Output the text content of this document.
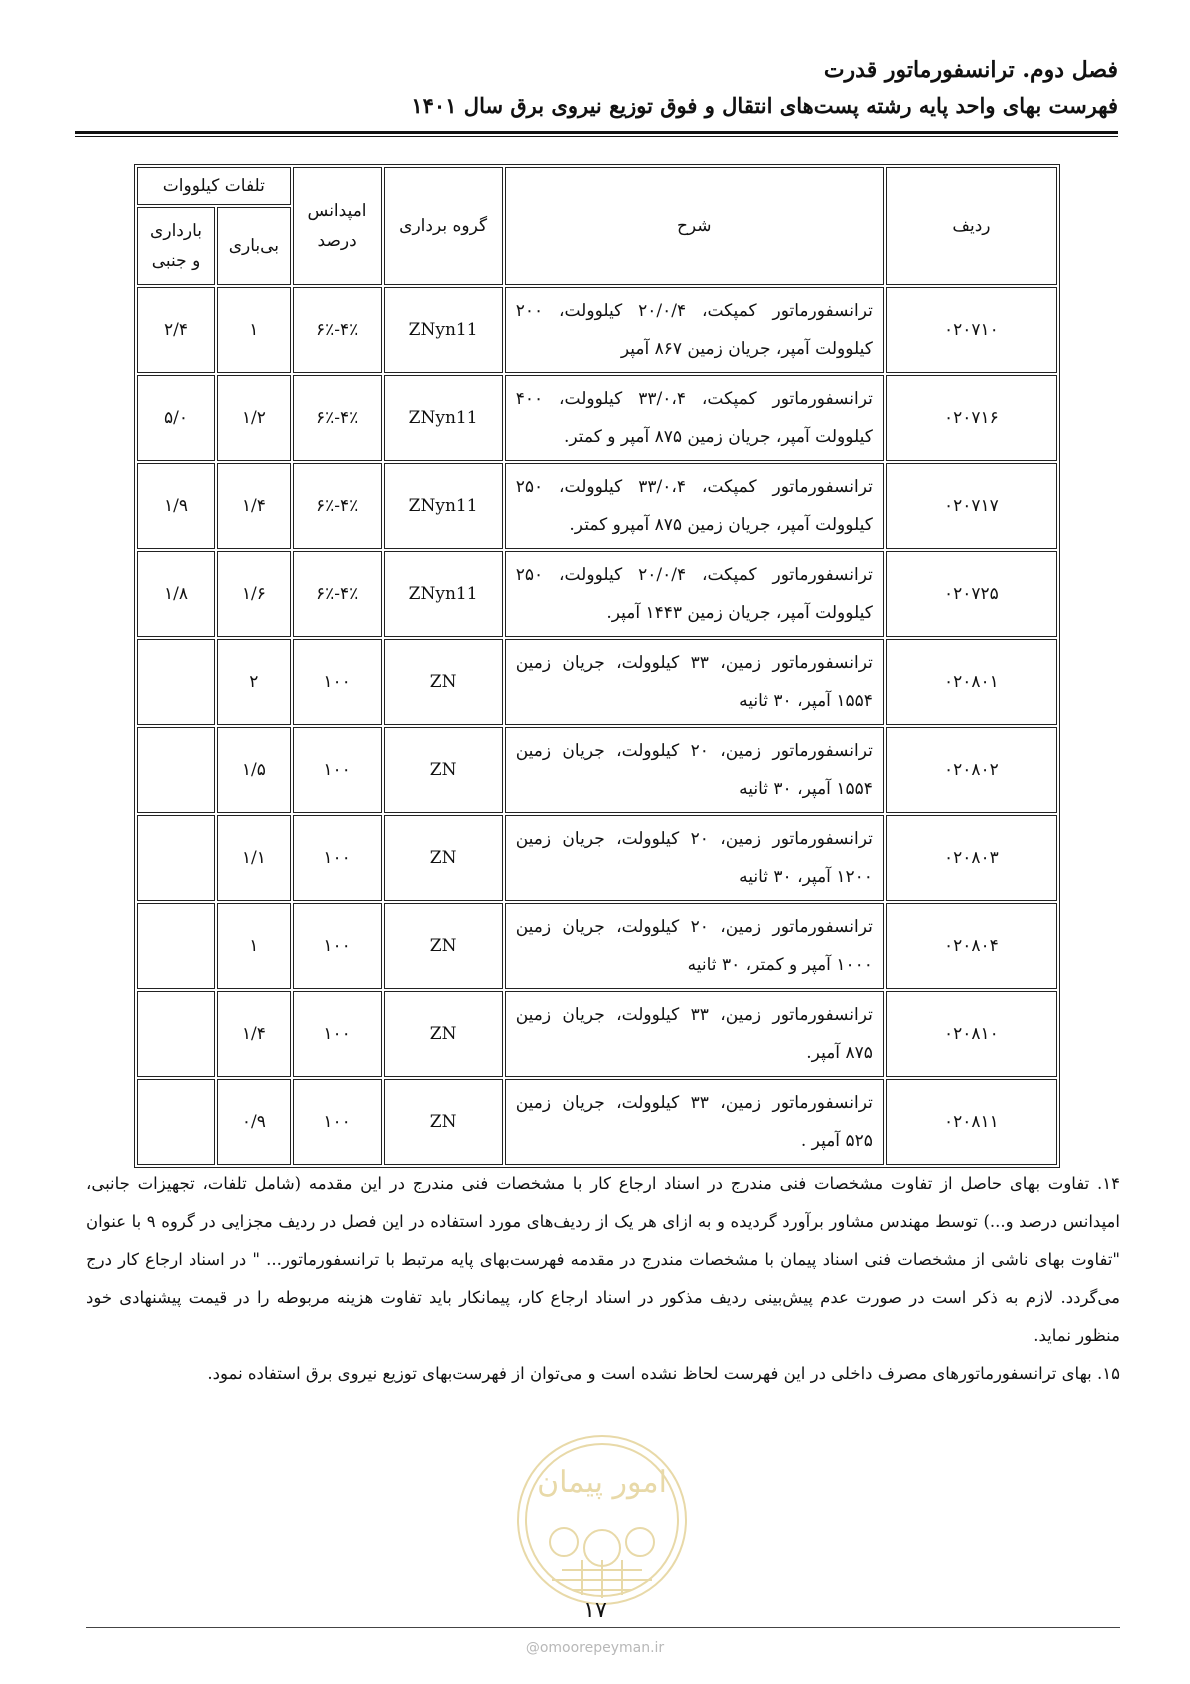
فصل دوم. ترانسفورماتور قدرت
فهرست بهای واحد پایه رشته پست‌های انتقال و فوق توزیع نیروی برق سال ۱۴۰۱
ردیف	شرح	گروه برداری	امپدانس درصد	تلفات کیلووات	
				بی‌باری	باردارى و جنبی
۰۲۰۷۱۰	ترانسفورماتور کمپکت، ۲۰/۰/۴ کیلوولت، ۲۰۰ کیلوولت آمپر، جریان زمین ۸۶۷ آمپر	ZNyn11	۴٪-۶٪	۱	۲/۴
۰۲۰۷۱۶	ترانسفورماتور کمپکت، ۳۳/۰،۴ کیلوولت، ۴۰۰ کیلوولت آمپر، جریان زمین ۸۷۵ آمپر و کمتر.	ZNyn11	۴٪-۶٪	۱/۲	۵/۰
۰۲۰۷۱۷	ترانسفورماتور کمپکت، ۳۳/۰،۴ کیلوولت، ۲۵۰ کیلوولت آمپر، جریان زمین ۸۷۵ آمپرو کمتر.	ZNyn11	۴٪-۶٪	۱/۴	۱/۹
۰۲۰۷۲۵	ترانسفورماتور کمپکت، ۲۰/۰/۴ کیلوولت، ۲۵۰ کیلوولت آمپر، جریان زمین ۱۴۴۳ آمپر.	ZNyn11	۴٪-۶٪	۱/۶	۱/۸
۰۲۰۸۰۱	ترانسفورماتور زمین، ۳۳ کیلوولت، جریان زمین ۱۵۵۴ آمپر، ۳۰ ثانیه	ZN	۱۰۰	۲	
۰۲۰۸۰۲	ترانسفورماتور زمین، ۲۰ کیلوولت، جریان زمین ۱۵۵۴ آمپر، ۳۰ ثانیه	ZN	۱۰۰	۱/۵	
۰۲۰۸۰۳	ترانسفورماتور زمین، ۲۰ کیلوولت، جریان زمین ۱۲۰۰ آمپر، ۳۰ ثانیه	ZN	۱۰۰	۱/۱	
۰۲۰۸۰۴	ترانسفورماتور زمین، ۲۰ کیلوولت، جریان زمین ۱۰۰۰ آمپر و کمتر، ۳۰ ثانیه	ZN	۱۰۰	۱	
۰۲۰۸۱۰	ترانسفورماتور زمین، ۳۳ کیلوولت، جریان زمین ۸۷۵ آمپر.	ZN	۱۰۰	۱/۴	
۰۲۰۸۱۱	ترانسفورماتور زمین، ۳۳ کیلوولت، جریان زمین ۵۲۵ آمپر .	ZN	۱۰۰	۰/۹	

۱۴. تفاوت بهای حاصل از تفاوت مشخصات فنی مندرج در اسناد ارجاع کار با مشخصات فنی مندرج در این مقدمه (شامل تلفات، تجهیزات جانبی، امپدانس درصد و...) توسط مهندس مشاور برآورد گردیده و به ازای هر یک از ردیف‌های مورد استفاده در این فصل در ردیف مجزایی در گروه ۹ با عنوان "تفاوت بهای ناشی از مشخصات فنی اسناد پیمان با مشخصات مندرج در مقدمه فهرست‌بهای پایه مرتبط با ترانسفورماتور... " در اسناد ارجاع کار درج می‌گردد. لازم به ذکر است در صورت عدم پیش‌بینی ردیف مذکور در اسناد ارجاع کار، پیمانکار باید تفاوت هزینه مربوطه را در قیمت پیشنهادی خود منظور نماید.

۱۵. بهای ترانسفورماتورهای مصرف داخلی در این فهرست لحاظ نشده است و می‌توان از فهرست‌بهای توزیع نیروی برق استفاده نمود.

امور پیمان
۱۷
@omoorepeyman.ir
